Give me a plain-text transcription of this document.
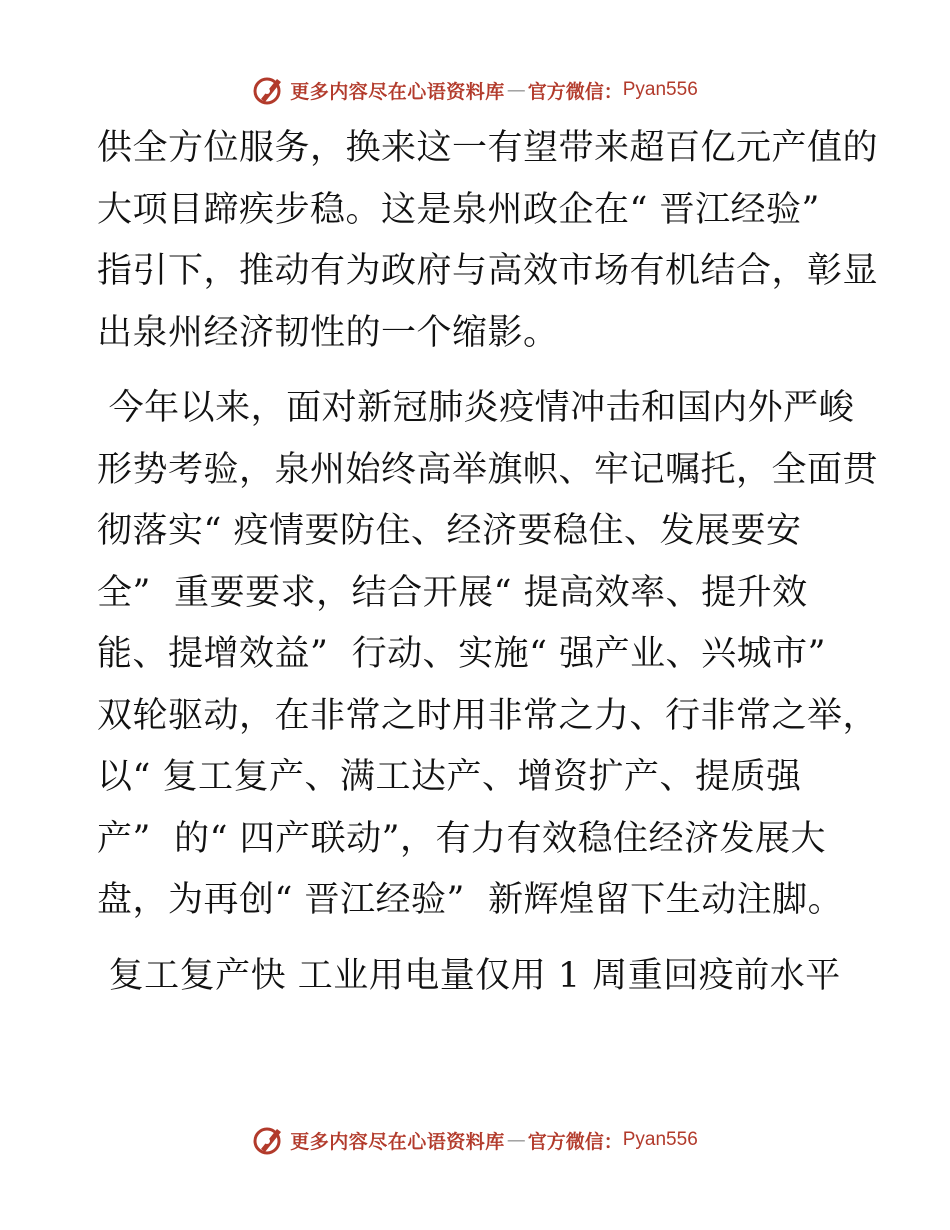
更多内容尽在心语资料库 — 官方微信： Pyan556
供全方位服务，换来这一有望带来超百亿元产值的
大项目蹄疾步稳。这是泉州政企在“ 晋江经验”
指引下，推动有为政府与高效市场有机结合，彰显
出泉州经济韧性的一个缩影。
今年以来，面对新冠肺炎疫情冲击和国内外严峻
形势考验，泉州始终高举旗帜、牢记嘱托，全面贯
彻落实“ 疫情要防住、经济要稳住、发展要安
全”  重要要求，结合开展“ 提高效率、提升效
能、提增效益”  行动、实施“ 强产业、兴城市”
双轮驱动，在非常之时用非常之力、行非常之举，
以“ 复工复产、满工达产、增资扩产、提质强
产”  的“ 四产联动”，有力有效稳住经济发展大
盘，为再创“ 晋江经验”  新辉煌留下生动注脚。
复工复产快 工业用电量仅用 1 周重回疫前水平
更多内容尽在心语资料库 — 官方微信： Pyan556
